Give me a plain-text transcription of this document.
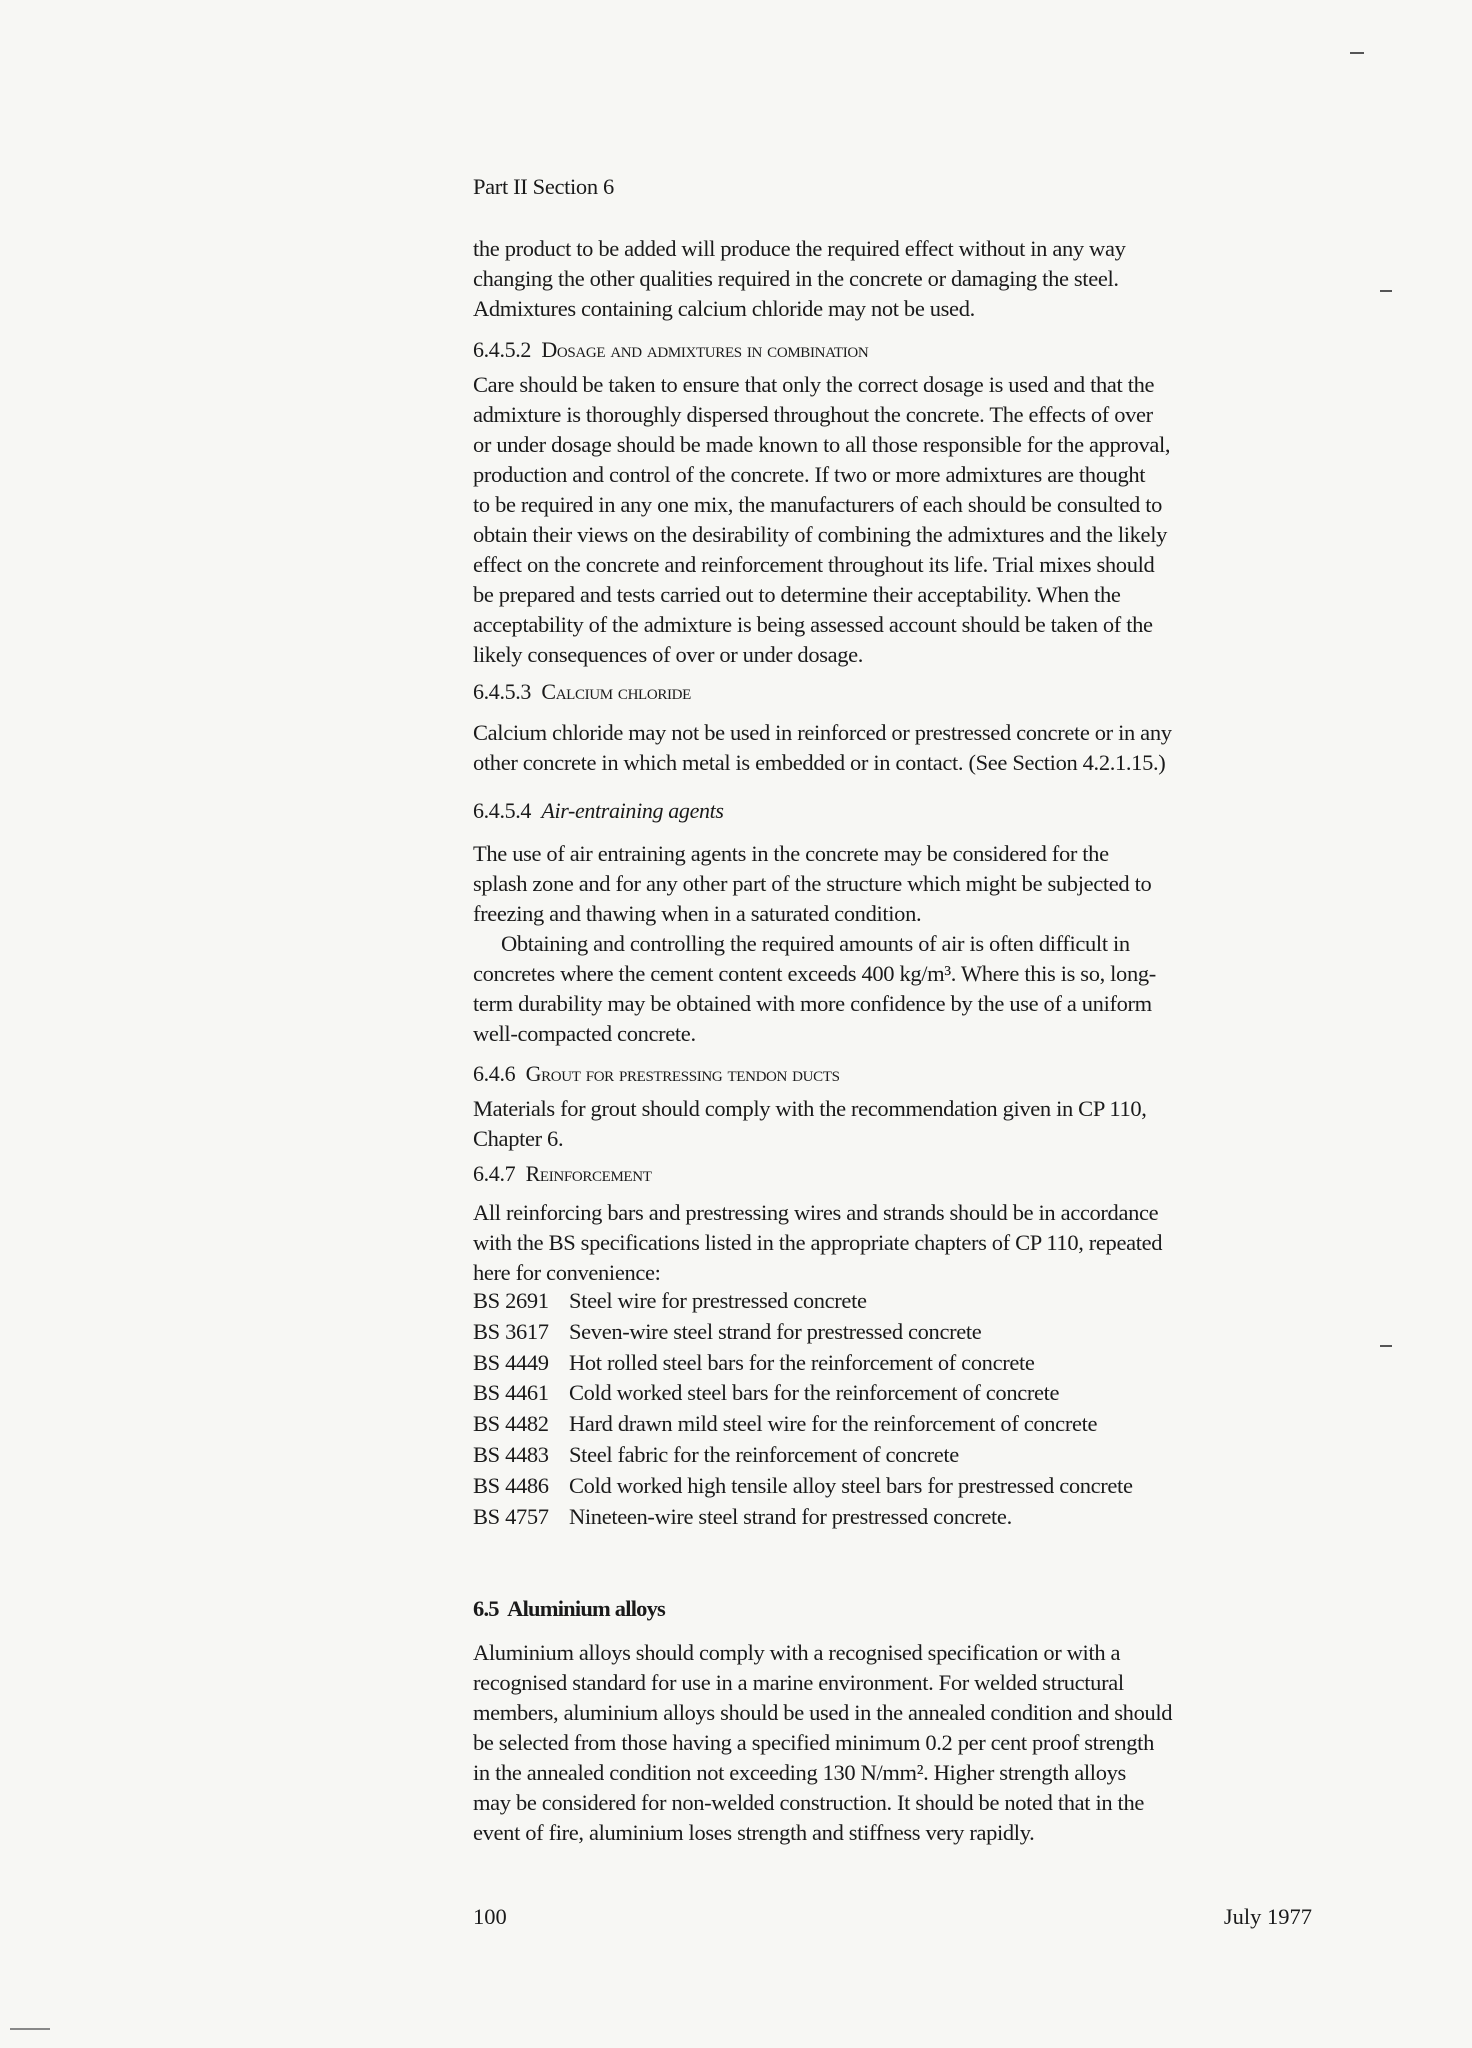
Part II Section 6
the product to be added will produce the required effect without in any way
changing the other qualities required in the concrete or damaging the steel.
Admixtures containing calcium chloride may not be used.
6.4.5.2 Dosage and admixtures in combination
Care should be taken to ensure that only the correct dosage is used and that the
admixture is thoroughly dispersed throughout the concrete. The effects of over
or under dosage should be made known to all those responsible for the approval,
production and control of the concrete. If two or more admixtures are thought
to be required in any one mix, the manufacturers of each should be consulted to
obtain their views on the desirability of combining the admixtures and the likely
effect on the concrete and reinforcement throughout its life. Trial mixes should
be prepared and tests carried out to determine their acceptability. When the
acceptability of the admixture is being assessed account should be taken of the
likely consequences of over or under dosage.
6.4.5.3 Calcium chloride
Calcium chloride may not be used in reinforced or prestressed concrete or in any
other concrete in which metal is embedded or in contact. (See Section 4.2.1.15.)
6.4.5.4 Air-entraining agents
The use of air entraining agents in the concrete may be considered for the
splash zone and for any other part of the structure which might be subjected to
freezing and thawing when in a saturated condition.
Obtaining and controlling the required amounts of air is often difficult in
concretes where the cement content exceeds 400 kg/m³. Where this is so, long-
term durability may be obtained with more confidence by the use of a uniform
well-compacted concrete.
6.4.6 Grout for prestressing tendon ducts
Materials for grout should comply with the recommendation given in CP 110,
Chapter 6.
6.4.7 Reinforcement
All reinforcing bars and prestressing wires and strands should be in accordance
with the BS specifications listed in the appropriate chapters of CP 110, repeated
here for convenience:
BS 2691 Steel wire for prestressed concrete
BS 3617 Seven-wire steel strand for prestressed concrete
BS 4449 Hot rolled steel bars for the reinforcement of concrete
BS 4461 Cold worked steel bars for the reinforcement of concrete
BS 4482 Hard drawn mild steel wire for the reinforcement of concrete
BS 4483 Steel fabric for the reinforcement of concrete
BS 4486 Cold worked high tensile alloy steel bars for prestressed concrete
BS 4757 Nineteen-wire steel strand for prestressed concrete.
6.5 Aluminium alloys
Aluminium alloys should comply with a recognised specification or with a
recognised standard for use in a marine environment. For welded structural
members, aluminium alloys should be used in the annealed condition and should
be selected from those having a specified minimum 0.2 per cent proof strength
in the annealed condition not exceeding 130 N/mm². Higher strength alloys
may be considered for non-welded construction. It should be noted that in the
event of fire, aluminium loses strength and stiffness very rapidly.
100	July 1977
